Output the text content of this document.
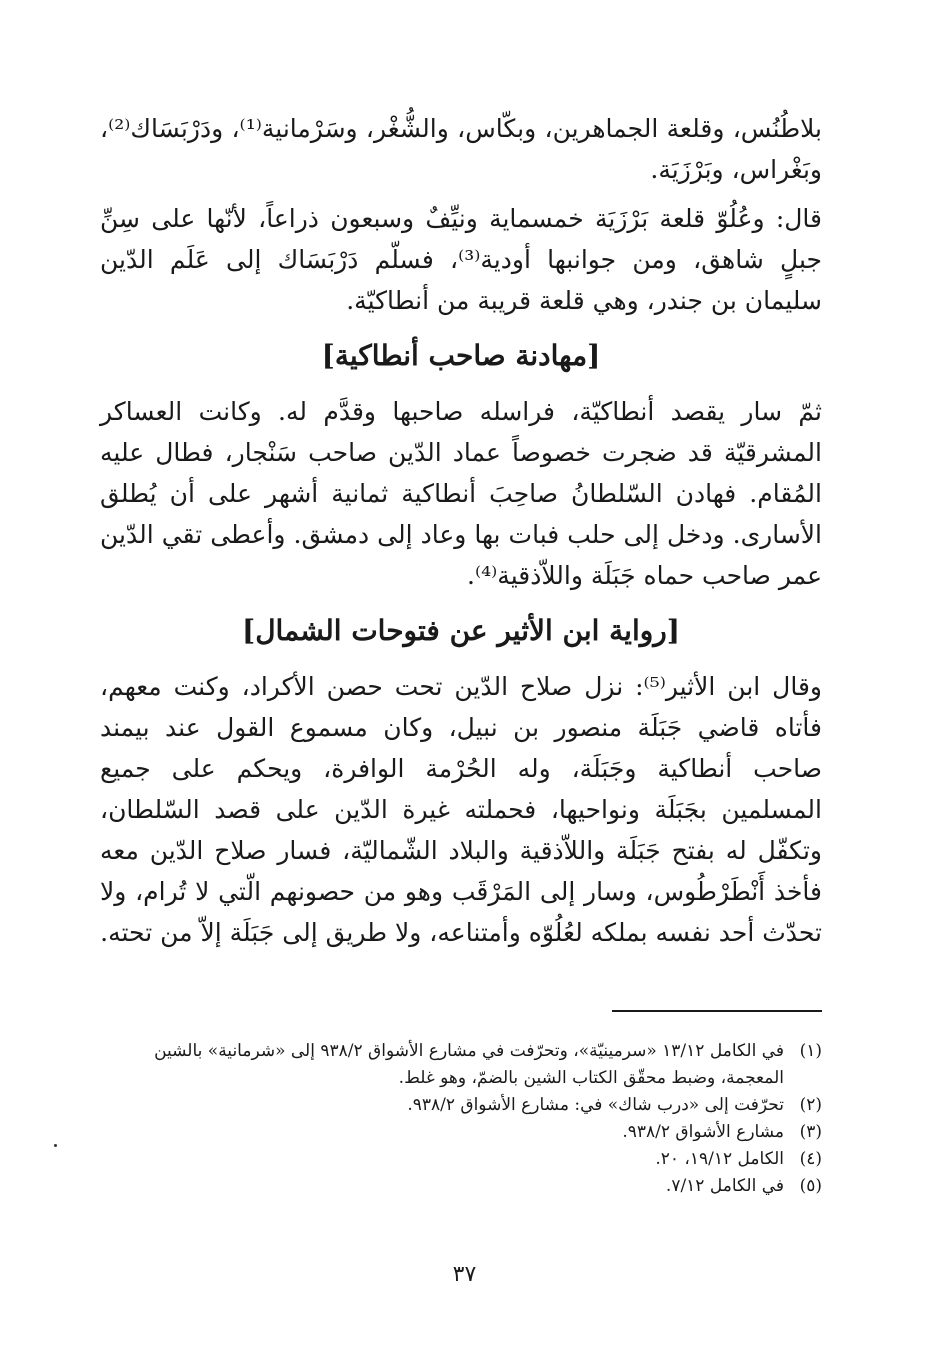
بلاطُنُس، وقلعة الجماهرين، وبكّاس، والشُّغْر، وسَرْمانية⁽¹⁾، ودَرْبَسَاك⁽²⁾، وبَغْراس، وبَرْزَيَة.

قال: وعُلُوّ قلعة بَرْزَيَة خمسماية ونيِّفٌ وسبعون ذراعاً، لأنّها على سِنِّ جبلٍ شاهق، ومن جوانبها أودية⁽³⁾، فسلّم دَرْبَسَاك إلى عَلَم الدّين سليمان بن جندر، وهي قلعة قريبة من أنطاكيّة.

[مهادنة صاحب أنطاكية]

ثمّ سار يقصد أنطاكيّة، فراسله صاحبها وقدَّم له. وكانت العساكر المشرقيّة قد ضجرت خصوصاً عماد الدّين صاحب سَنْجار، فطال عليه المُقام. فهادن السّلطانُ صاحِبَ أنطاكية ثمانية أشهر على أن يُطلق الأسارى. ودخل إلى حلب فبات بها وعاد إلى دمشق. وأعطى تقي الدّين عمر صاحب حماه جَبَلَة واللاّذقية⁽⁴⁾.

[رواية ابن الأثير عن فتوحات الشمال]

وقال ابن الأثير⁽⁵⁾: نزل صلاح الدّين تحت حصن الأكراد، وكنت معهم، فأتاه قاضي جَبَلَة منصور بن نبيل، وكان مسموع القول عند بيمند صاحب أنطاكية وجَبَلَة، وله الحُرْمة الوافرة، ويحكم على جميع المسلمين بجَبَلَة ونواحيها، فحملته غيرة الدّين على قصد السّلطان، وتكفّل له بفتح جَبَلَة واللاّذقية والبلاد الشّماليّة، فسار صلاح الدّين معه فأخذ أَنْطَرْطُوس، وسار إلى المَرْقَب وهو من حصونهم الّتي لا تُرام، ولا تحدّث أحد نفسه بملكه لعُلُوّه وأمتناعه، ولا طريق إلى جَبَلَة إلاّ من تحته.

(١)
في الكامل ١٣/١٢ «سرمينيّة»، وتحرّفت في مشارع الأشواق ٩٣٨/٢ إلى «شرمانية» بالشين المعجمة، وضبط محقّق الكتاب الشين بالضمّ، وهو غلط.
(٢)
تحرّفت إلى «درب شاك» في: مشارع الأشواق ٩٣٨/٢.
(٣)
مشارع الأشواق ٩٣٨/٢.
(٤)
الكامل ١٩/١٢، ٢٠.
(٥)
في الكامل ٧/١٢.
٣٧
